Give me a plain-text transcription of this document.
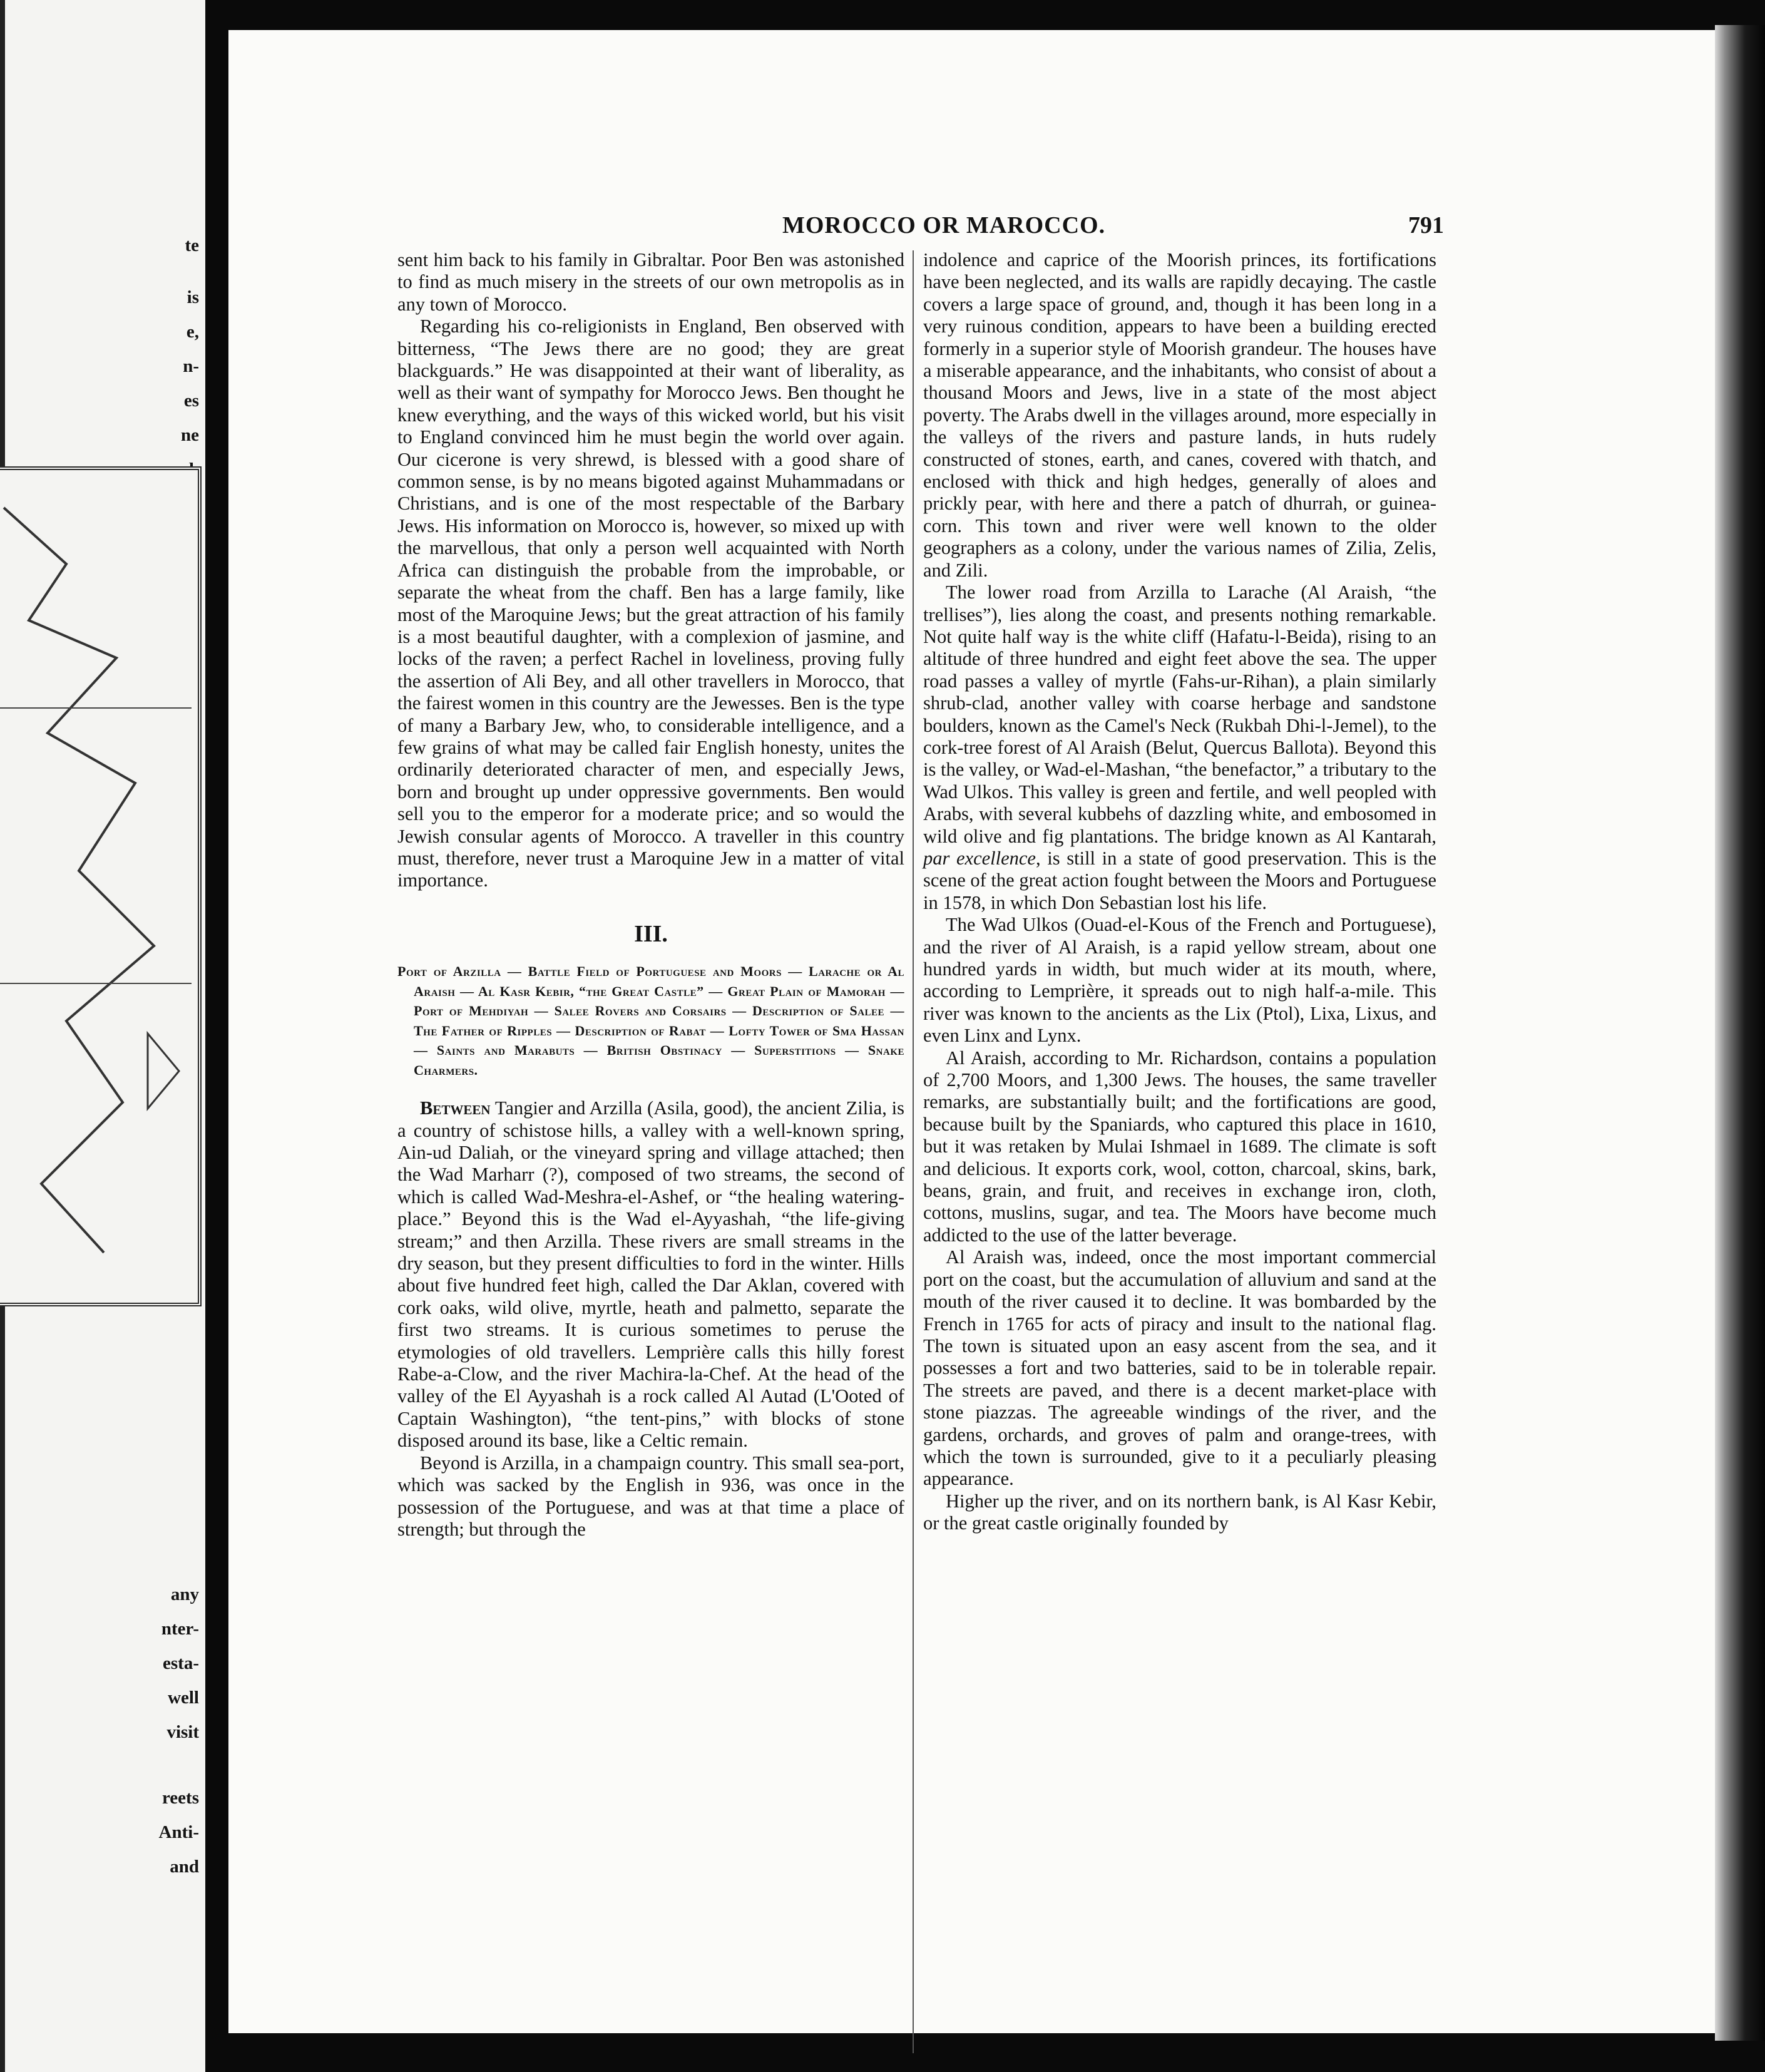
te
is
e,
n-
es
ne
any
nter-
esta-
well
visit
reets
Anti-
and
MOROCCO OR MAROCCO.	791

sent him back to his family in Gibraltar. Poor Ben was astonished to find as much misery in the streets of our own metropolis as in any town of Morocco.

Regarding his co-religionists in England, Ben observed with bitterness, “The Jews there are no good; they are great blackguards.” He was disappointed at their want of liberality, as well as their want of sympathy for Morocco Jews. Ben thought he knew everything, and the ways of this wicked world, but his visit to England convinced him he must begin the world over again. Our cicerone is very shrewd, is blessed with a good share of common sense, is by no means bigoted against Muhammadans or Christians, and is one of the most respectable of the Barbary Jews. His information on Morocco is, however, so mixed up with the marvellous, that only a person well acquainted with North Africa can distinguish the probable from the improbable, or separate the wheat from the chaff. Ben has a large family, like most of the Maroquine Jews; but the great attraction of his family is a most beautiful daughter, with a complexion of jasmine, and locks of the raven; a perfect Rachel in loveliness, proving fully the assertion of Ali Bey, and all other travellers in Morocco, that the fairest women in this country are the Jewesses. Ben is the type of many a Barbary Jew, who, to considerable intelligence, and a few grains of what may be called fair English honesty, unites the ordinarily deteriorated character of men, and especially Jews, born and brought up under oppressive governments. Ben would sell you to the emperor for a moderate price; and so would the Jewish consular agents of Morocco. A traveller in this country must, therefore, never trust a Maroquine Jew in a matter of vital importance.

III.
Port of Arzilla — Battle Field of Portuguese and Moors — Larache or Al Araish — Al Kasr Kebir, “the Great Castle” — Great Plain of Mamorah — Port of Mehdiyah — Salee Rovers and Corsairs — Description of Salee — The Father of Ripples — Description of Rabat — Lofty Tower of Sma Hassan — Saints and Marabuts — British Obstinacy — Superstitions — Snake Charmers.

Between Tangier and Arzilla (Asila, good), the ancient Zilia, is a country of schistose hills, a valley with a well-known spring, Ain-ud Daliah, or the vineyard spring and village attached; then the Wad Marharr (?), composed of two streams, the second of which is called Wad-Meshra-el-Ashef, or “the healing watering-place.” Beyond this is the Wad el-Ayyashah, “the life-giving stream;” and then Arzilla. These rivers are small streams in the dry season, but they present difficulties to ford in the winter. Hills about five hundred feet high, called the Dar Aklan, covered with cork oaks, wild olive, myrtle, heath and palmetto, separate the first two streams. It is curious sometimes to peruse the etymologies of old travellers. Lemprière calls this hilly forest Rabe-a-Clow, and the river Machira-la-Chef. At the head of the valley of the El Ayyashah is a rock called Al Autad (L'Ooted of Captain Washington), “the tent-pins,” with blocks of stone disposed around its base, like a Celtic remain.

Beyond is Arzilla, in a champaign country. This small sea-port, which was sacked by the English in 936, was once in the possession of the Portuguese, and was at that time a place of strength; but through the

indolence and caprice of the Moorish princes, its fortifications have been neglected, and its walls are rapidly decaying. The castle covers a large space of ground, and, though it has been long in a very ruinous condition, appears to have been a building erected formerly in a superior style of Moorish grandeur. The houses have a miserable appearance, and the inhabitants, who consist of about a thousand Moors and Jews, live in a state of the most abject poverty. The Arabs dwell in the villages around, more especially in the valleys of the rivers and pasture lands, in huts rudely constructed of stones, earth, and canes, covered with thatch, and enclosed with thick and high hedges, generally of aloes and prickly pear, with here and there a patch of dhurrah, or guinea-corn. This town and river were well known to the older geographers as a colony, under the various names of Zilia, Zelis, and Zili.

The lower road from Arzilla to Larache (Al Araish, “the trellises”), lies along the coast, and presents nothing remarkable. Not quite half way is the white cliff (Hafatu-l-Beida), rising to an altitude of three hundred and eight feet above the sea. The upper road passes a valley of myrtle (Fahs-ur-Rihan), a plain similarly shrub-clad, another valley with coarse herbage and sandstone boulders, known as the Camel's Neck (Rukbah Dhi-l-Jemel), to the cork-tree forest of Al Araish (Belut, Quercus Ballota). Beyond this is the valley, or Wad-el-Mashan, “the benefactor,” a tributary to the Wad Ulkos. This valley is green and fertile, and well peopled with Arabs, with several kubbehs of dazzling white, and embosomed in wild olive and fig plantations. The bridge known as Al Kantarah, par excellence, is still in a state of good preservation. This is the scene of the great action fought between the Moors and Portuguese in 1578, in which Don Sebastian lost his life.

The Wad Ulkos (Ouad-el-Kous of the French and Portuguese), and the river of Al Araish, is a rapid yellow stream, about one hundred yards in width, but much wider at its mouth, where, according to Lemprière, it spreads out to nigh half-a-mile. This river was known to the ancients as the Lix (Ptol), Lixa, Lixus, and even Linx and Lynx.

Al Araish, according to Mr. Richardson, contains a population of 2,700 Moors, and 1,300 Jews. The houses, the same traveller remarks, are substantially built; and the fortifications are good, because built by the Spaniards, who captured this place in 1610, but it was retaken by Mulai Ishmael in 1689. The climate is soft and delicious. It exports cork, wool, cotton, charcoal, skins, bark, beans, grain, and fruit, and receives in exchange iron, cloth, cottons, muslins, sugar, and tea. The Moors have become much addicted to the use of the latter beverage.

Al Araish was, indeed, once the most important commercial port on the coast, but the accumulation of alluvium and sand at the mouth of the river caused it to decline. It was bombarded by the French in 1765 for acts of piracy and insult to the national flag. The town is situated upon an easy ascent from the sea, and it possesses a fort and two batteries, said to be in tolerable repair. The streets are paved, and there is a decent market-place with stone piazzas. The agreeable windings of the river, and the gardens, orchards, and groves of palm and orange-trees, with which the town is surrounded, give to it a peculiarly pleasing appearance.

Higher up the river, and on its northern bank, is Al Kasr Kebir, or the great castle originally founded by
